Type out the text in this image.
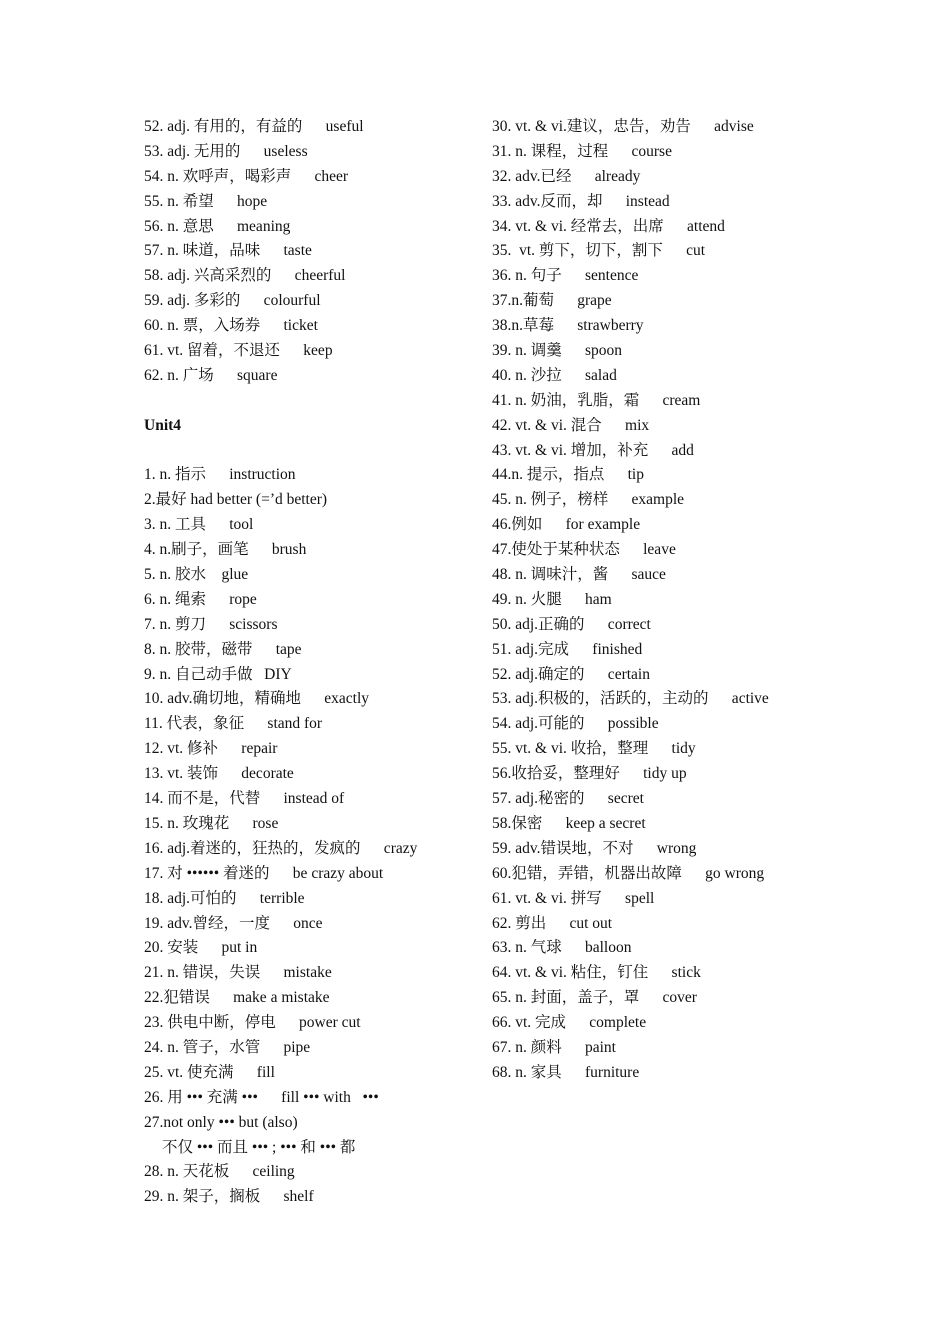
52. adj. 有用的，有益的      useful
53. adj. 无用的      useless
54. n. 欢呼声，喝彩声      cheer
55. n. 希望      hope
56. n. 意思      meaning
57. n. 味道，品味      taste
58. adj. 兴高采烈的      cheerful
59. adj. 多彩的      colourful
60. n. 票，入场券      ticket
61. vt. 留着，不退还      keep
62. n. 广场      square
Unit4
1. n. 指示      instruction
2.最好 had better (=’d better)
3. n. 工具      tool
4. n.刷子，画笔      brush
5. n. 胶水    glue
6. n. 绳索      rope
7. n. 剪刀      scissors
8. n. 胶带，磁带      tape
9. n. 自己动手做   DIY
10. adv.确切地，精确地      exactly
11. 代表，象征      stand for
12. vt. 修补      repair
13. vt. 装饰      decorate
14. 而不是，代替      instead of
15. n. 玫瑰花      rose
16. adj.着迷的，狂热的，发疯的      crazy
17. 对 •••••• 着迷的      be crazy about
18. adj.可怕的      terrible
19. adv.曾经，一度      once
20. 安装      put in
21. n. 错误，失误      mistake
22.犯错误      make a mistake
23. 供电中断，停电      power cut
24. n. 管子，水管      pipe
25. vt. 使充满      fill
26. 用 ••• 充满 •••      fill ••• with   •••
27.not only ••• but (also)
不仅 ••• 而且 ••• ; ••• 和 ••• 都
28. n. 天花板      ceiling
29. n. 架子，搁板      shelf
30. vt. & vi.建议，忠告，劝告      advise
31. n. 课程，过程      course
32. adv.已经      already
33. adv.反而，却      instead
34. vt. & vi. 经常去，出席      attend
35.  vt. 剪下，切下，割下      cut
36. n. 句子      sentence
37.n.葡萄      grape
38.n.草莓      strawberry
39. n. 调羹      spoon
40. n. 沙拉      salad
41. n. 奶油，乳脂，霜      cream
42. vt. & vi. 混合      mix
43. vt. & vi. 增加，补充      add
44.n. 提示，指点      tip
45. n. 例子，榜样      example
46.例如      for example
47.使处于某种状态      leave
48. n. 调味汁，酱      sauce
49. n. 火腿      ham
50. adj.正确的      correct
51. adj.完成      finished
52. adj.确定的      certain
53. adj.积极的，活跃的，主动的      active
54. adj.可能的      possible
55. vt. & vi. 收拾，整理      tidy
56.收拾妥，整理好      tidy up
57. adj.秘密的      secret
58.保密      keep a secret
59. adv.错误地，不对      wrong
60.犯错，弄错，机器出故障      go wrong
61. vt. & vi. 拼写      spell
62. 剪出      cut out
63. n. 气球      balloon
64. vt. & vi. 粘住，钉住      stick
65. n. 封面，盖子，罩      cover
66. vt. 完成      complete
67. n. 颜料      paint
68. n. 家具      furniture
